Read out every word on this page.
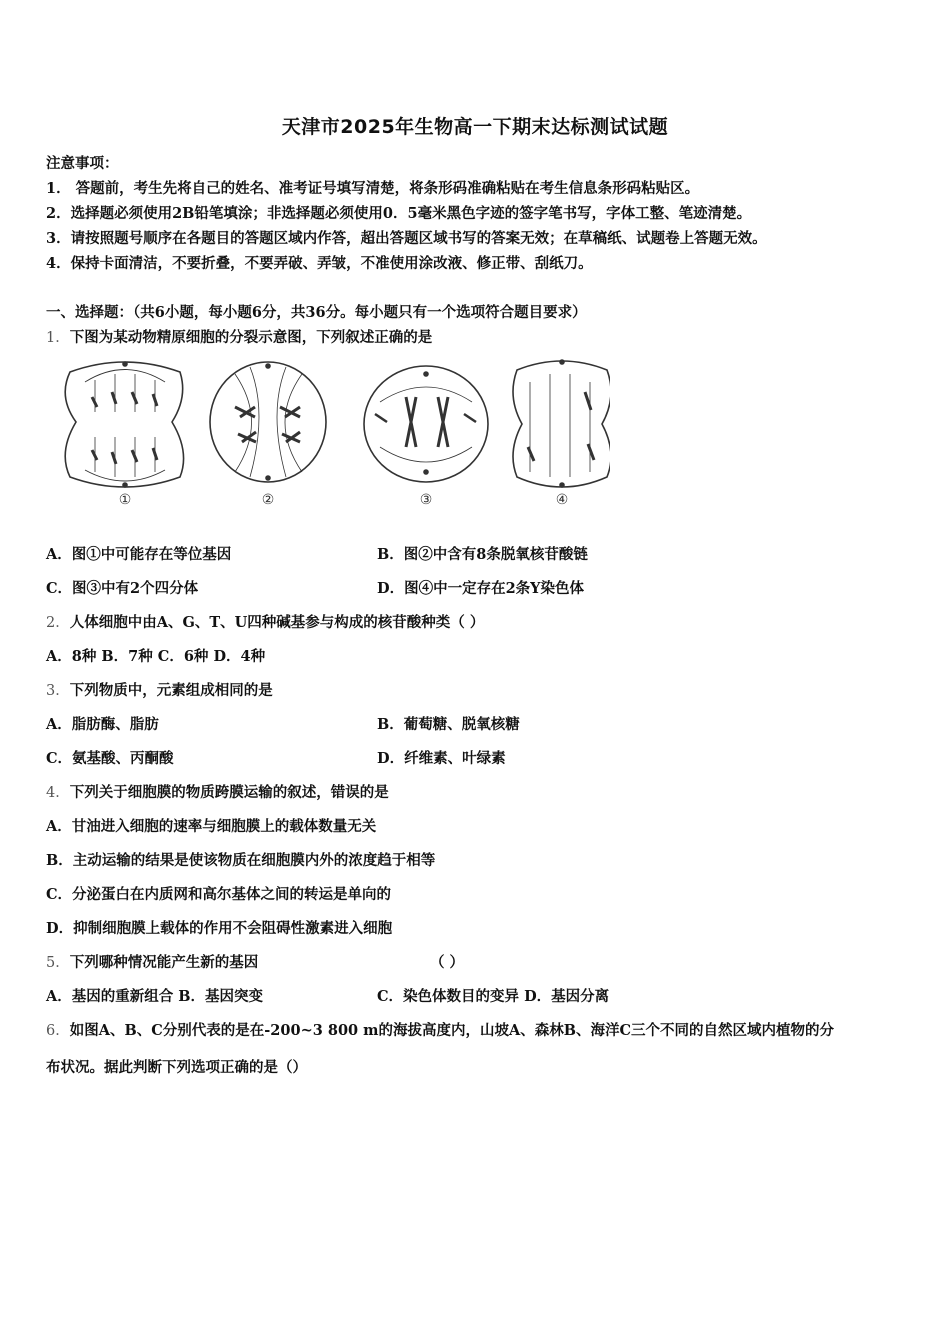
天津市2025年生物高一下期末达标测试试题
注意事项：
1． 答题前，考生先将自己的姓名、准考证号填写清楚，将条形码准确粘贴在考生信息条形码粘贴区。
2．选择题必须使用2B铅笔填涂；非选择题必须使用0．5毫米黑色字迹的签字笔书写，字体工整、笔迹清楚。
3．请按照题号顺序在各题目的答题区域内作答，超出答题区域书写的答案无效；在草稿纸、试题卷上答题无效。
4．保持卡面清洁，不要折叠，不要弄破、弄皱，不准使用涂改液、修正带、刮纸刀。
一、选择题：（共6小题，每小题6分，共36分。每小题只有一个选项符合题目要求）
1．下图为某动物精原细胞的分裂示意图，下列叙述正确的是
①	②	③	④
A．图①中可能存在等位基因	B．图②中含有8条脱氧核苷酸链
C．图③中有2个四分体	D．图④中一定存在2条Y染色体
2．人体细胞中由A、G、T、U四种碱基参与构成的核苷酸种类（ ）
A．8种 B．7种 C．6种 D．4种
3．下列物质中，元素组成相同的是
A．脂肪酶、脂肪	B．葡萄糖、脱氧核糖
C．氨基酸、丙酮酸	D．纤维素、叶绿素
4．下列关于细胞膜的物质跨膜运输的叙述，错误的是
A．甘油进入细胞的速率与细胞膜上的载体数量无关
B．主动运输的结果是使该物质在细胞膜内外的浓度趋于相等
C．分泌蛋白在内质网和高尔基体之间的转运是单向的
D．抑制细胞膜上载体的作用不会阻碍性激素进入细胞
5．下列哪种情况能产生新的基因	（ ）
A．基因的重新组合 B．基因突变	C．染色体数目的变异 D．基因分离
6．如图A、B、C分别代表的是在-200~3 800 m的海拔高度内，山坡A、森林B、海洋C三个不同的自然区域内植物的分
布状况。据此判断下列选项正确的是（）
